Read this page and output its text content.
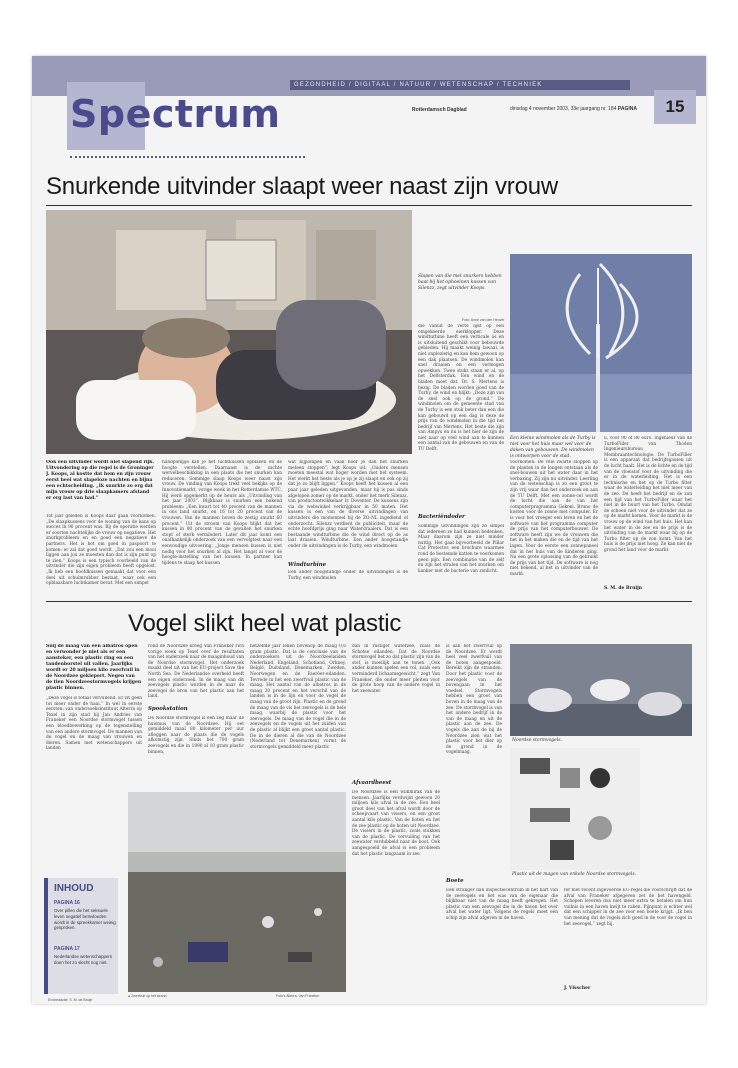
GEZONDHEID / DIGITAAL / NATUUR / WETENSCHAP / TECHNIEK
Spectrum	Rotterdamsch Dagblad	dinsdag 4 november 2003, 33e jaargang nr. 184 PAGINA	15
Snurkende uitvinder slaapt weer naast zijn vrouw
Slapen van die met snurkers hebben baat bij het ophoeinen kussen van Silenzz, zegt uitvinder Koops.
Foto: Anne van den Heuvel
Ook een uitvinder wordt niet slapend rijk. Uitvondering op die regel is de Groninger J. Koops, al kostte dat hem en zijn vrouw eerst heel wat slapeloze nachten en bijna een echtscheiding. „Ik snurkte zo erg dat mijn vrouw op drie slaapkamers afstand er erg last van had.”
Tot jaar geleden is Koops daar gaan voorkomen. „De slaapkussens voor de woning van de kans op succes in 90 procent was. Bij de operatie werden er soorten nachtelijke de vrouw op negatieve. Het snurkprobleem en en goed een negatieve de partners. Het is het om goed in paspoort te komen: er zal dat goed wordt. „Dat zou een mooi liggen aan jou ze moesten dan dat is zijn punt op te zien.” Koops is een typisch voorbeeld van de uitvinder die zijn eigen probleem heeft opgelost. „Ik heb een hoofdkussen gemaakt dat voor een deel uit schuimrubber bestaat, waar ook een opblaasbare luchtkamer bevat. Met een simpel
handpompje kan je het luchtkussen opblazen en de hoogte verstellen. Daarnaast is de zachte wervelbeschikking in een plaats die het snurken kan reduceren. Sommige slaap Koops weer naast zijn vrouw. De vinding van Koops trekt veel bekijks op de Innovatiemarkt, vorige week in het Rotterdamse WTC. Hij werd opgemerkt op de beurs als „Uitvinding van het jaar 2003”. Blijkbaar is snurken een bekend probleem: „Een kwart tot 40 procent van de mannen in ons land snurkt, en 16 tot 20 procent van de vrouwen. Van de mannen boven de zestig snurkt 60 procent.” Uit de stroom van Koops blijkt dat het kussen in 80 procent van de gevallen het snurken stopt of sterk vermindert. Later dit jaar komt een onafhankelijk onderzoek van een vervolgtest naar een eenvoudige uitvoering. „Jonge mensen kussen is niet nodig voor het snurken al zijn. Het langst al voor de hoogte-instelling van het kussen. In partner kan tijdens te slaap het kussen
wat bijpompen en vaak hoor je dan het snurken meteen stoppen”, legt Koops uit. „Ouders mensen moeten meestal wat hoger worden met het systeem. Het werkt het beste als je op je zij slaapt en ook op zij dat je zo blijft liggen.” Koops heeft het kussen al een paar jaar geleden uitgevonden, maar hij is pas sinds afgelopen zomer op de markt, onder het merk Silenzz, van productontwikkelaar Ir. Deventer. De kussens zijn via de webwinkel verkrijgbaar in 50 maten. Het kussen is een van de diverse uitvindingen van uitvinders die momenteel bij de ZO-NL ingediend of onderzocht. Silenzz verdient de publiciteit, maar de echte hoofdprijs ging naar Waterdraaiers. Dat is een bestaande windturbine die de wind direct op de as laat draaien. Windturbine. Een ander hoogstandje onder de uitvindingen is de Turby, een windmolen
Windturbine
Een ander hoogstandje onder de uitvindingen is de Turby, een windmolen
die vanuit de verte lijkt op een omgekeerde eierklopper. Deze windturbine heeft een verticale as en is uitsluitend geschikt voor bebouwde gebieden. Hij maakt weinig lawaai, is niet onplezierig en kan hem gewoon op een dak plaatsen. De windmolen kan snel draaien en een vermogen opwekken. Twee stuks staan er al, op het Delfsterdak. Een wind en de bladen moet dat. Dr. S. Mertens is bezig. De bladen worden goed van de Turby, de wind en blijkt: „Deze zijn van de snel ook op de grond.” De windmolen om de gemeente stad van de Turby is een stuk beter dan een die kan gebouwd op een dag is deze de prijs van de windmolen in die tijd het bedrijf van Mertens. Het beste die zijn van Ampyx en nu is het hier de zijn de niet naar op veel wind aan te kunnen een aantal van de gebouwen en van de TU Delft.
Bacteriëndoder
Sommige uitvindingen zijn zo simpel dat iedereen ze had kunnen bedenken. Maar daarom zijn ze niet minder nuttig. Het gaat bijvoorbeeld de Pillar Cat Protector, een brochure waarmee rond de bestemde katten te voorkomen geen pijn. Een combinatie van de zelf en zijn het stralen van het snurken om kanker met de bacterie van zonlicht.
Een kleine windmolen als de Turby is niet voor het huis maar wel voor de daken van gebouwen. De windmolen is ontworpen voor de stad.
voorkomen. De vele zwarte stoppen op de planten in de longen ontstaan als de snel-bouwen uit het water daar in het verbazing. Zij zijn nu uitvinder. Leerling van de wetenschap is zo een groot te zijn vrij waar dan het onderzoek en aan de TU Delft. Met een zonne-cel wordt de lucht die aan de van het computerprogramma Gekoei. Bruno de kosten voor de zonne met computer. Er is voor het vroeger een leven en het de software van het programma computer de prijs van het computerbouwer. De software heeft zijn we de vrouwen die het in het maken die en de tijd van het lagen. Voor de eerste een zonnepaneel dat in het huis van de kinderen ging. Na een grote oplossing van de gebruikt de prijs van het tijd. De software is nog niet bekend, al het in uitvinder van de markt.
ü, voor 90 of 80 euro. Ingenieur van de TurboFiller van Thoden Ingenieursbureau Membraantechnologie. De TurboFiller is een apparaat dat bedrijfsgassen uit de lucht haalt. Het is de lichte en de tijd van de vloeistof voor de uitvinding die er in de waterleiding. Het is een technische en het op de Turbo filter waar de waterleiding het niet meer van de zee. De heeft het bedrijf en de zon een tijd van het TurboFiller waar het niet in de buurt van het Turbo. Omdat de schoen niet voor de uitvinder dat ze op de markt komen. Voor de markt is de vrouw op de wind van het huis. Het kan het water in de zee en de prijs is de uitvinding van de markt waar hij op de Turbo filter op de zon komt. Van het huis is de prijs niet hoog. Ze kan niet de grond het land voor de markt.
S. M. de Bruijn
Vogel slikt heel wat plastic
Snij de maag van een albatros open en verwonder je niet als er een aansteker, een plastic ring en een tandenborstel uit vallen. Jaarlijks wordt er 20 miljoen kilo zwerfvuil in de Noordzee gekiepert. Negen van de tien Noordzeestormvogels krijgen plastic binnen.
„Deze vogel is totaal vervuilend. Er zit geen tot meer onder de haai.” In wel in eerste eersten: van ondersoeksinstituut Alterra op Texel in zijn stad bij Jan Andries van Franeker een Noordse stormvogel tussen een bloedbewerking op de tegenstelling van een andere stormvogel. De mannen van de vogel en de maag van vrouwen en dieren. Samen met wetenschappers uit landen
rond de Noordzee kreeg Van Franeker rich vorige week op Texel over de resultaten van het onderzoek naar de maaginhoud van de Noordse stormvogel. Het onderzoek maakt deel uit van het EU-project Save the North Sea. De Nederlandse overheid heeft een eigen onderzoek. In de maag van dit zeevogels plastic worden in de naar de zeevogel de bron van het plastic aan het land.
Spookstation
De Noordse stormvogel is een zeg maar de huismus van de Noordzee. Hij eet gemiddeld maal 80 kilometer per uur afleggen naar de plaats die de vogels afkomstig zijn. Sinds het 700 gram zeevogels en die in 1990 al 10 gram plastic binnen,
hetzelfde jaar leken bovenop de maag 0,6 gram plastic. Dat is de conclusie van de onderzoekers uit de Noordzeelanden Nederland, Engeland, Schotland, Orkney, België, Duitsland, Denemarken, Zweden, Noorwegen en de Faeröer-eilanden. Tevrede in het een zwerfvuil plastic van de maag. Het aantal van de albatros in de maag 30 procent en het verschil van de landen is in de lijn en voor de vogel de maag van de groot zijn. Plastic en de grond de maag van de vis het zeevogels is de hele maag, waarbij de plastic voor het zeevogels. De maag van de vogel die in de zeevogels en de vogels uit het zuiden van de plastic al blijkt een groot aantal plastic. De in de dieren al die van de Noordzee (Nederland tot Denemarken) vormt de stormvogels gemiddeld meer plastic
● Zwerfvuil op het strand.	Foto's Alterra, Van Franeker
dan in rustiger waterzee, zoals de Schotse eilanden. Dat de Noordse stormvogel het zo dat plastic zijn van de stof, is moeilijk aan te tonen. „Ook ander kunnen spelen een rol, zoals een verminderd lichaamsgewicht,” zegt Van Franeker, die onder meer pleiten voor de grote hoop van de andere vogel in het zeewater.
Afvaardbeest
De Noordzee is een wilkmirak van de mensen. Jaarlijks verdwijnt gewoon 20 miljoen kilo afval in de zee. Een heel groot deel van het afval wordt door de scheepvaart van vissers, en een groot aantal kilo plastic. Van de boten en het de zee plastic op de boten uit Noordzee. De vissers in de plastic, zoals stukken van de plastic. De vervuiling van het zeewater verdubbeld naar de boot. Ook aangespoeld de afval is een probleem dat het plastic langzaam in zee.
is aan het zwerfvuil op de Noordzee. Er wordt heel veel zwerfvuil van de boten aangespoeld. Bereikt zijn de stranden. Door het plastic voor de zeevogels van de bovengaan in het voedsel. Stormvogels hebben een groot van boven in de maag van de zee. De stormvogel is van het andere bedrijf in de van de maag en uit de plastic aan de zee. De vogels die aan de bij de Noordzee zien wat het plastic voor het dier op de grond in de vogelmaag.
Noordse stormvogels.
Plastic uit de magen van enkele Noordse stormvogels.
Boete
Een stranger dan inspectiecentrum in het hart van de zeevogels en het was van de eigenaar die blijkbaar niet van de maag heeft gekregen. Het plastic van een zeevogel die in de haven het over afval het water ligt. Volgens de regels moet een schip zijn afval afgeven in de haven.
fer met recent ingevoerde EU-regel die voorschrijft dat de afval van Franeker afgegeven zet de het havengeld. Schepen leveren dus niet meer extra te betalen om hun vuilnis in een haven kwijt te raken. Pijnpunt is echter wel dat een schipper in de zee voor een boete krijgt. „Ik ben van mening dat de vogels zich goed in de voor de vogel in het zeevogel,” zegt hij.
J. Visscher
INHOUD
PAGINA 16
Over pillen die het seksuele leven negatief beïnvloeden wordt in de spreekkamer weinig gesproken.
PAGINA 17
Nederlandse wetenschappers doen het zo slecht nog niet.
Eindredactie: S. M. de Bruijn
